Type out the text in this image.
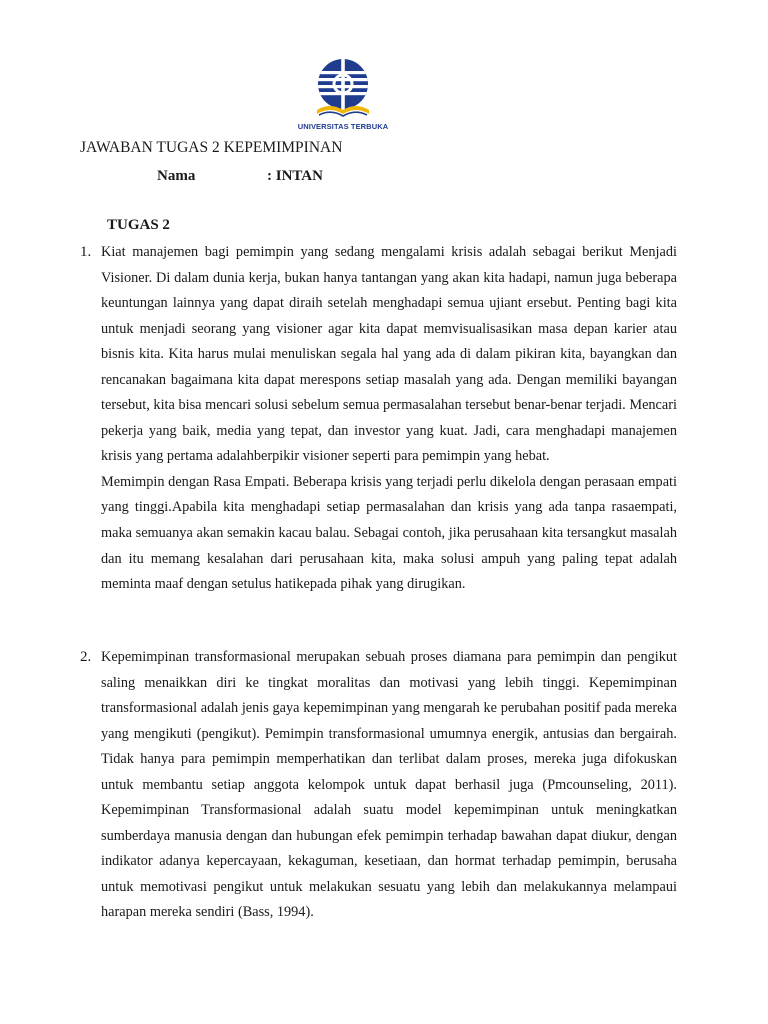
UNIVERSITAS TERBUKA
JAWABAN TUGAS 2 KEPEMIMPINAN
Nama	: INTAN
TUGAS 2
1. Kiat manajemen bagi pemimpin yang sedang mengalami krisis adalah sebagai berikut Menjadi Visioner. Di dalam dunia kerja, bukan hanya tantangan yang akan kita hadapi, namun juga beberapa keuntungan lainnya yang dapat diraih setelah menghadapi semua ujiant ersebut. Penting bagi kita untuk menjadi seorang yang visioner agar kita dapat memvisualisasikan masa depan karier atau bisnis kita. Kita harus mulai menuliskan segala hal yang ada di dalam pikiran kita, bayangkan dan rencanakan bagaimana kita dapat merespons setiap masalah yang ada. Dengan memiliki bayangan tersebut, kita bisa mencari solusi sebelum semua permasalahan tersebut benar-benar terjadi. Mencari pekerja yang baik, media yang tepat, dan investor yang kuat. Jadi, cara menghadapi manajemen krisis yang pertama adalahberpikir visioner seperti para pemimpin yang hebat.

Memimpin dengan Rasa Empati. Beberapa krisis yang terjadi perlu dikelola dengan perasaan empati yang tinggi.Apabila kita menghadapi setiap permasalahan dan krisis yang ada tanpa rasaempati, maka semuanya akan semakin kacau balau. Sebagai contoh, jika perusahaan kita tersangkut masalah dan itu memang kesalahan dari perusahaan kita, maka solusi ampuh yang paling tepat adalah meminta maaf dengan setulus hatikepada pihak yang dirugikan.

2. Kepemimpinan transformasional merupakan sebuah proses diamana para pemimpin dan pengikut saling menaikkan diri ke tingkat moralitas dan motivasi yang lebih tinggi. Kepemimpinan transformasional adalah jenis gaya kepemimpinan yang mengarah ke perubahan positif pada mereka yang mengikuti (pengikut). Pemimpin transformasional umumnya energik, antusias dan bergairah. Tidak hanya para pemimpin memperhatikan dan terlibat dalam proses, mereka juga difokuskan untuk membantu setiap anggota kelompok untuk dapat berhasil juga (Pmcounseling, 2011). Kepemimpinan Transformasional adalah suatu model kepemimpinan untuk meningkatkan sumberdaya manusia dengan dan hubungan efek pemimpin terhadap bawahan dapat diukur, dengan indikator adanya kepercayaan, kekaguman, kesetiaan, dan hormat terhadap pemimpin, berusaha untuk memotivasi pengikut untuk melakukan sesuatu yang lebih dan melakukannya melampaui harapan mereka sendiri (Bass, 1994).
